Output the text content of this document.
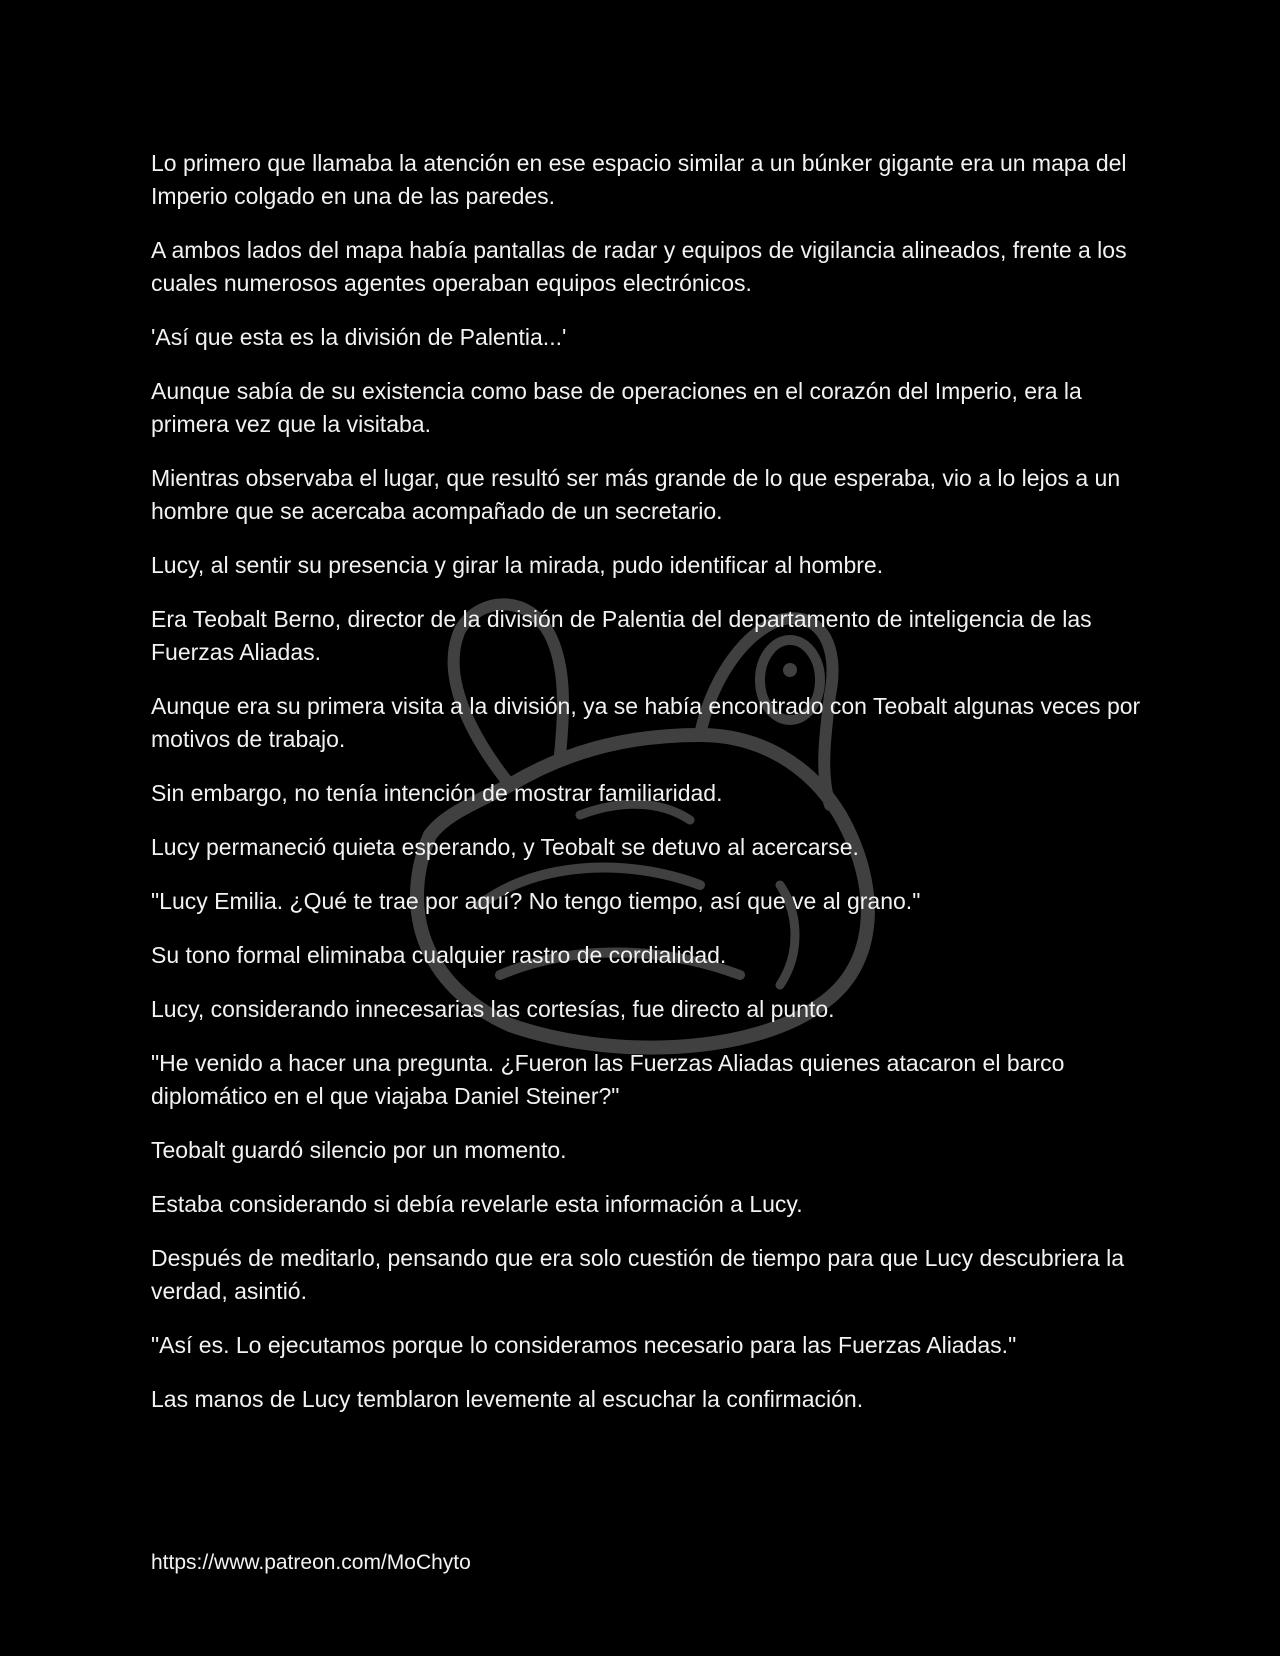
Lo primero que llamaba la atención en ese espacio similar a un búnker gigante era un mapa del Imperio colgado en una de las paredes.

A ambos lados del mapa había pantallas de radar y equipos de vigilancia alineados, frente a los cuales numerosos agentes operaban equipos electrónicos.

'Así que esta es la división de Palentia...'

Aunque sabía de su existencia como base de operaciones en el corazón del Imperio, era la primera vez que la visitaba.

Mientras observaba el lugar, que resultó ser más grande de lo que esperaba, vio a lo lejos a un hombre que se acercaba acompañado de un secretario.

Lucy, al sentir su presencia y girar la mirada, pudo identificar al hombre.

Era Teobalt Berno, director de la división de Palentia del departamento de inteligencia de las Fuerzas Aliadas.

Aunque era su primera visita a la división, ya se había encontrado con Teobalt algunas veces por motivos de trabajo.

Sin embargo, no tenía intención de mostrar familiaridad.

Lucy permaneció quieta esperando, y Teobalt se detuvo al acercarse.

"Lucy Emilia. ¿Qué te trae por aquí? No tengo tiempo, así que ve al grano."

Su tono formal eliminaba cualquier rastro de cordialidad.

Lucy, considerando innecesarias las cortesías, fue directo al punto.

"He venido a hacer una pregunta. ¿Fueron las Fuerzas Aliadas quienes atacaron el barco diplomático en el que viajaba Daniel Steiner?"

Teobalt guardó silencio por un momento.

Estaba considerando si debía revelarle esta información a Lucy.

Después de meditarlo, pensando que era solo cuestión de tiempo para que Lucy descubriera la verdad, asintió.

"Así es. Lo ejecutamos porque lo consideramos necesario para las Fuerzas Aliadas."

Las manos de Lucy temblaron levemente al escuchar la confirmación.

https://www.patreon.com/MoChyto
